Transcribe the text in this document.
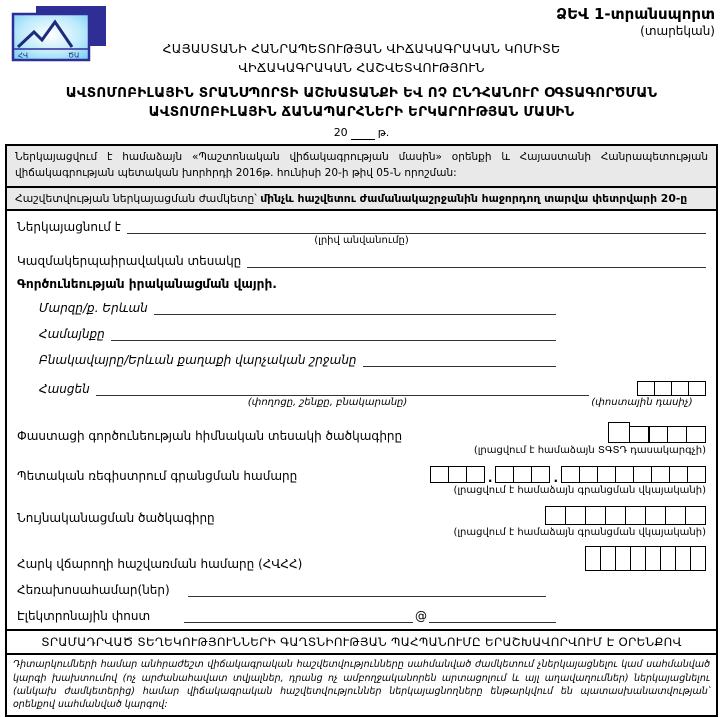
ՀՎ	ԾԱ
ՁԵՎ 1-տրանսպորտ
(տարեկան)
ՀԱՅԱՍՏԱՆԻ ՀԱՆՐԱՊԵՏՈՒԹՅԱՆ ՎԻՃԱԿԱԳՐԱԿԱՆ ԿՈՄԻՏԵ
ՎԻՃԱԿԱԳՐԱԿԱՆ ՀԱՇՎԵՏՎՈՒԹՅՈՒՆ
ԱՎՏՈՄՈԲԻԼԱՅԻՆ ՏՐԱՆՍՊՈՐՏԻ ԱՇԽԱՏԱՆՔԻ ԵՎ ՈՉ ԸՆԴՀԱՆՈՒՐ ՕԳՏԱԳՈՐԾՄԱՆ
ԱՎՏՈՄՈԲԻԼԱՅԻՆ ՃԱՆԱՊԱՐՀՆԵՐԻ ԵՐԿԱՐՈՒԹՅԱՆ ՄԱՍԻՆ
20	թ.
Ներկայացվում է համաձայն «Պաշտոնական վիճակագրության մասին» օրենքի և Հայաստանի Հանրապետության վիճակագրության պետական խորհրդի 2016թ. հունիսի 20-ի թիվ 05-Ն որոշման:
Հաշվետվության ներկայացման ժամկետը՝ մինչև հաշվետու ժամանակաշրջանին հաջորդող տարվա փետրվարի 20-ը
Ներկայացնում է
(լրիվ անվանումը)
Կազմակերպաիրավական տեսակը
Գործունեության իրականացման վայրի.
Մարզը/ք. Երևան
Համայնքը
Բնակավայրը/Երևան քաղաքի վարչական շրջանը
Հասցեն
(փողոցը, շենքը, բնակարանը)	(փոստային դասիչ)
Փաստացի գործունեության հիմնական տեսակի ծածկագիրը
(լրացվում է համաձայն ՏԳՏԴ դասակարգչի)
Պետական ռեգիստրում գրանցման համարը	.	.
(լրացվում է համաձայն գրանցման վկայականի)
Նույնականացման ծածկագիրը
(լրացվում է համաձայն գրանցման վկայականի)
Հարկ վճարողի հաշվառման համարը (ՀՎՀՀ)
Հեռախոսահամար(ներ)
Էլեկտրոնային փոստ	@
ՏՐԱՄԱԴՐՎԱԾ ՏԵՂԵԿՈՒԹՅՈՒՆՆԵՐԻ ԳԱՂՏՆԻՈՒԹՅԱՆ ՊԱՀՊԱՆՈՒՄԸ ԵՐԱՇԽԱՎՈՐՎՈՒՄ Է ՕՐԵՆՔՈՎ
Դիտարկումների համար անհրաժեշտ վիճակագրական հաշվետվությունները սահմանված ժամկետում չներկայացնելու կամ սահմանված կարգի խախտումով (ոչ արժանահավատ տվյալներ, դրանց ոչ ամբողջականորեն արտացոլում և այլ աղավաղումներ) ներկայացնելու (անկախ ժամկետերից) համար վիճակագրական հաշվետվություններ ներկայացնողները ենթարկվում են պատասխանատվության՝ օրենքով սահմանված կարգով:
